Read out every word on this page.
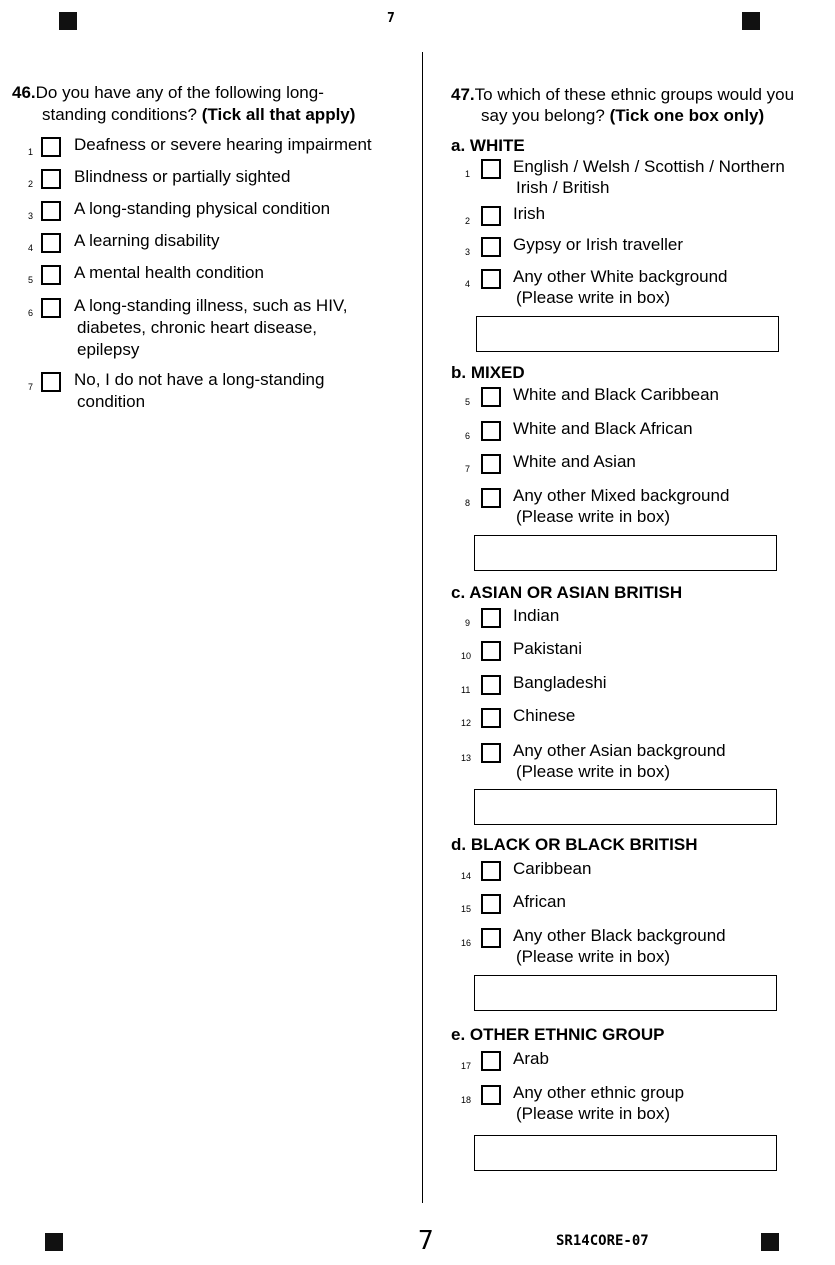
7
7	SR14CORE-07
46.Do you have any of the following long-
standing conditions? (Tick all that apply)
47.To which of these ethnic groups would you
say you belong? (Tick one box only)
1 Deafness or severe hearing impairment
2 Blindness or partially sighted
3 A long-standing physical condition
4 A learning disability
5 A mental health condition
6 A long-standing illness, such as HIV,
diabetes, chronic heart disease,
epilepsy
7 No, I do not have a long-standing
condition
a. WHITE
1	English / Welsh / Scottish / Northern
Irish / British
2	Irish
3	Gypsy or Irish traveller
4	Any other White background
(Please write in box)
b. MIXED
5	White and Black Caribbean
6	White and Black African
7	White and Asian
8	Any other Mixed background
(Please write in box)
c. ASIAN OR ASIAN BRITISH
9	Indian
10 Pakistani
11	Bangladeshi
12 Chinese
13 Any other Asian background
(Please write in box)
d. BLACK OR BLACK BRITISH
14 Caribbean
15 African
16 Any other Black background
(Please write in box)
e. OTHER ETHNIC GROUP
17 Arab
18 Any other ethnic group
(Please write in box)
